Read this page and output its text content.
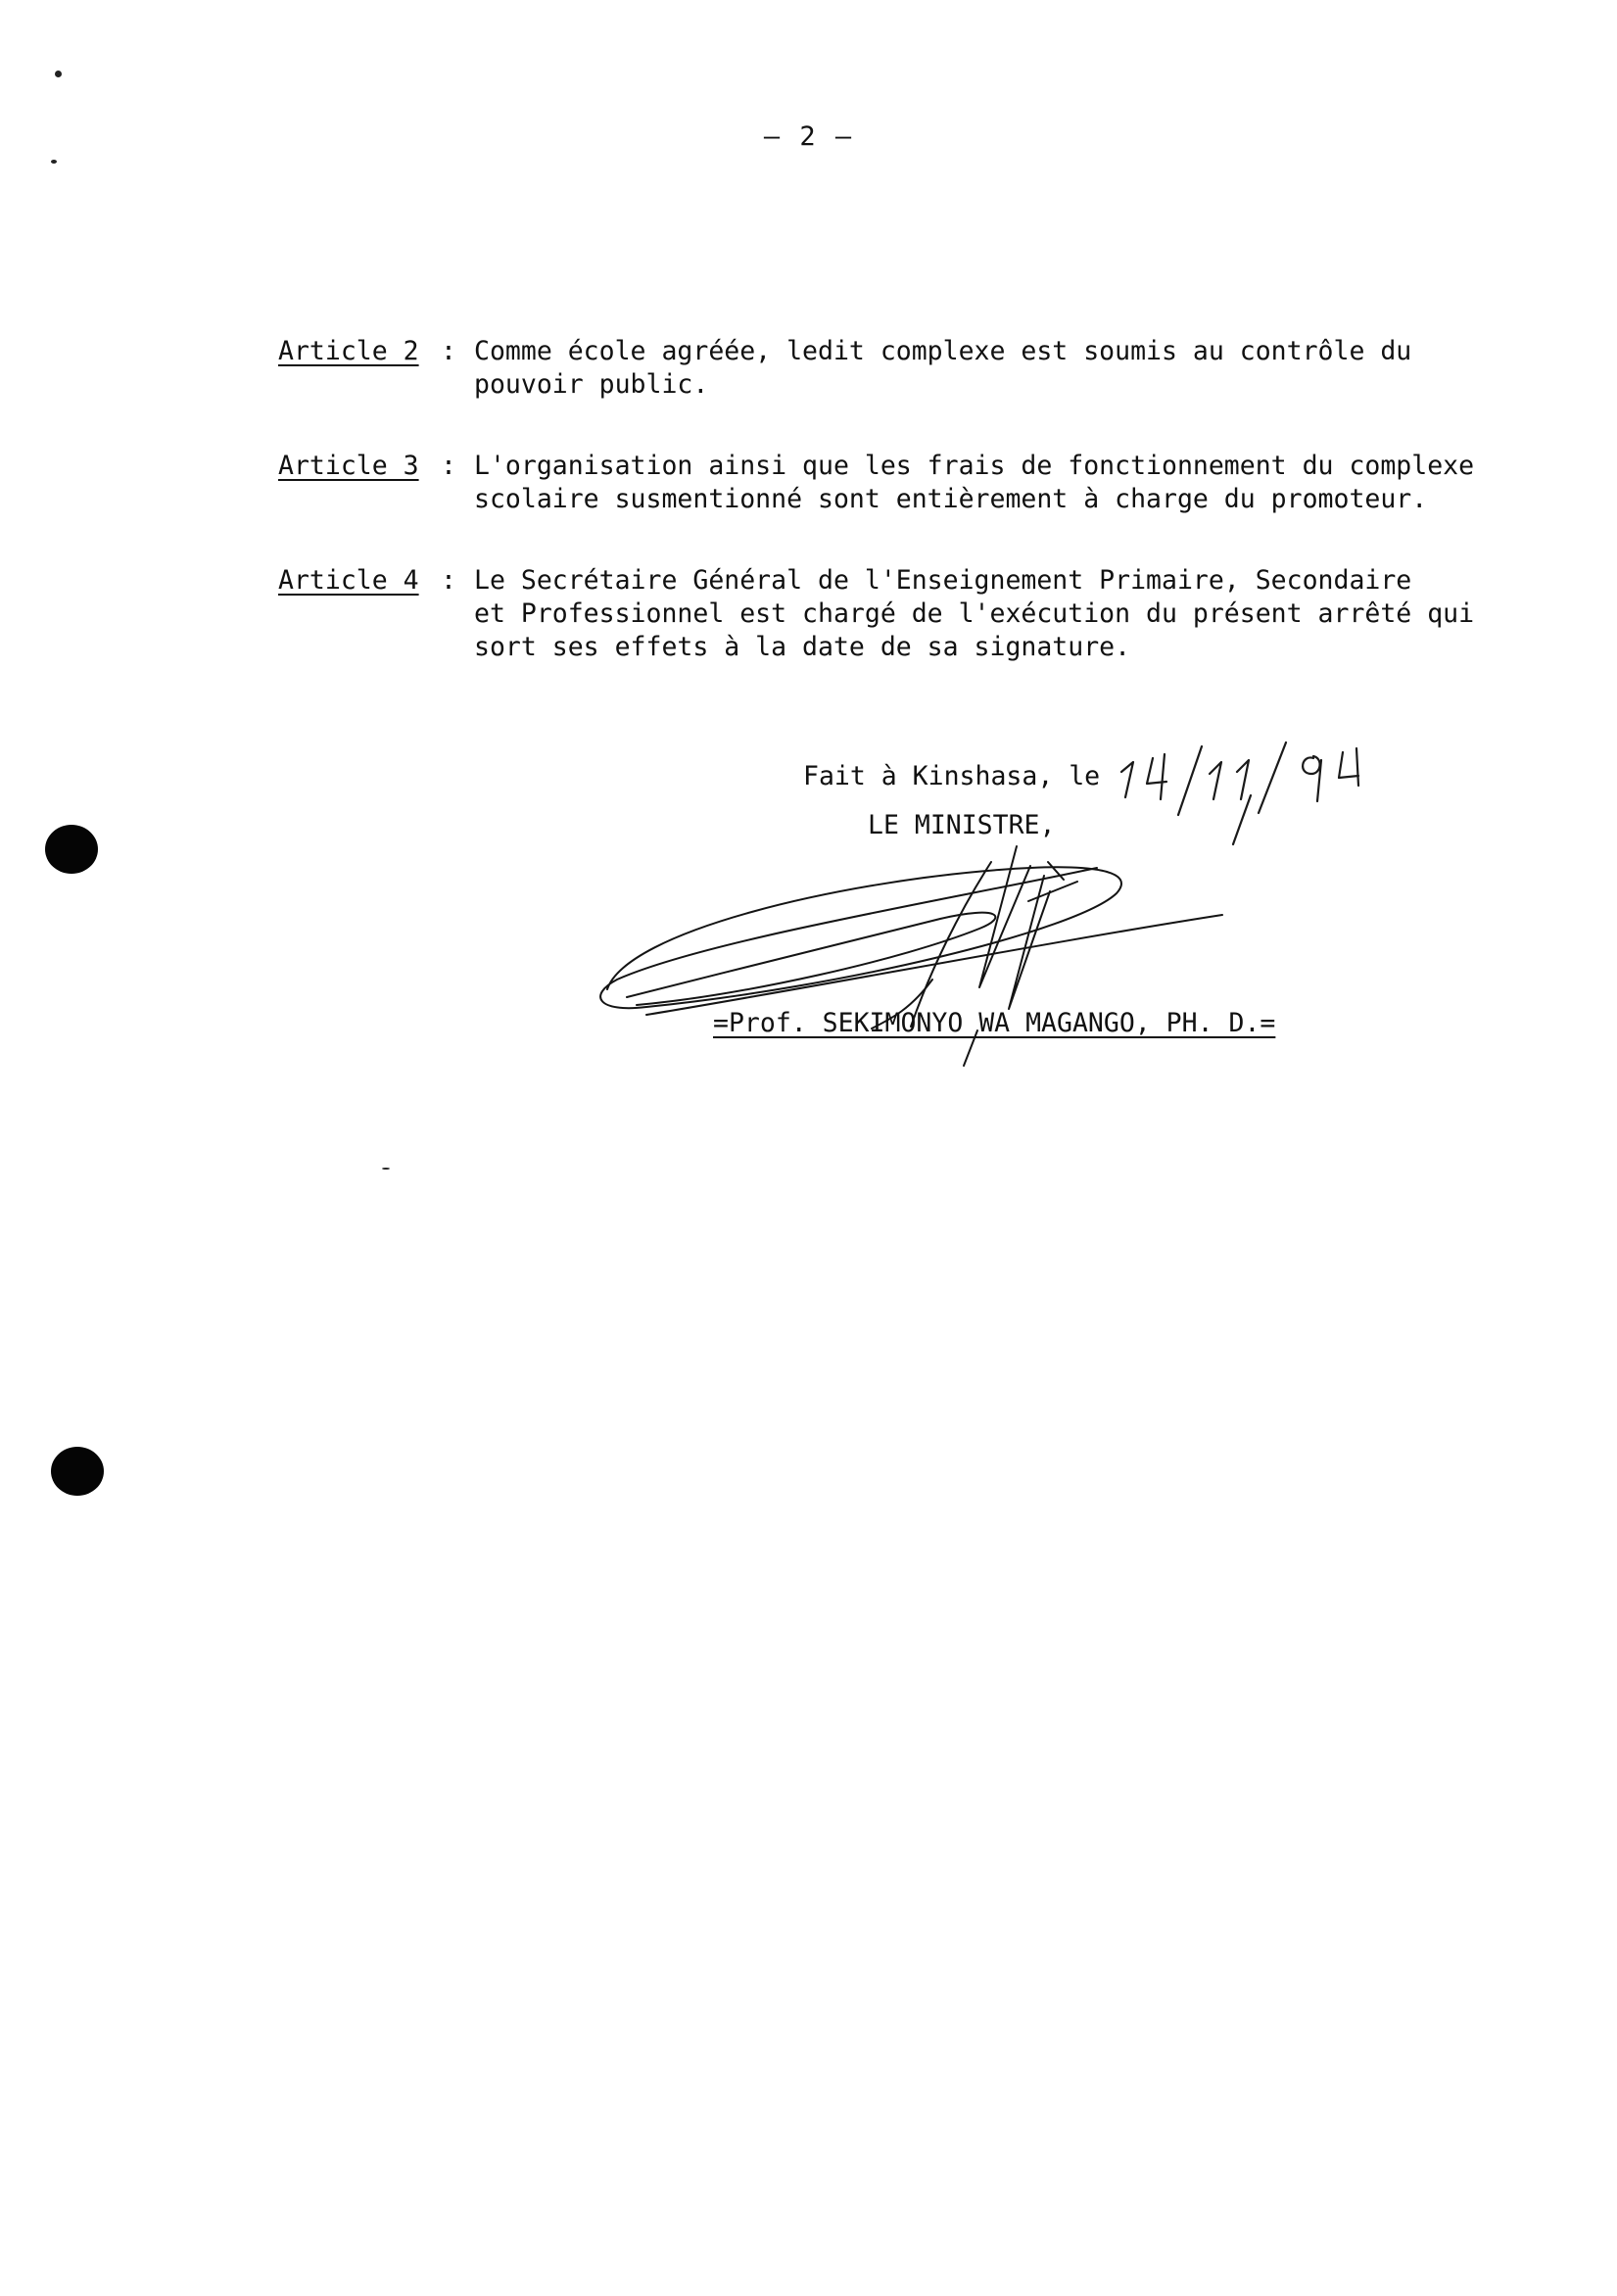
– 2 –
Article 2 : Comme école agréée, ledit complexe est soumis au contrôle du
pouvoir public.
Article 3 : L'organisation ainsi que les frais de fonctionnement du complexe
scolaire susmentionné sont entièrement à charge du promoteur.
Article 4 : Le Secrétaire Général de l'Enseignement Primaire, Secondaire
et Professionnel est chargé de l'exécution du présent arrêté qui
sort ses effets à la date de sa signature.
Fait à Kinshasa, le
LE MINISTRE,
=Prof. SEKIMONYO WA MAGANGO, PH. D.=
